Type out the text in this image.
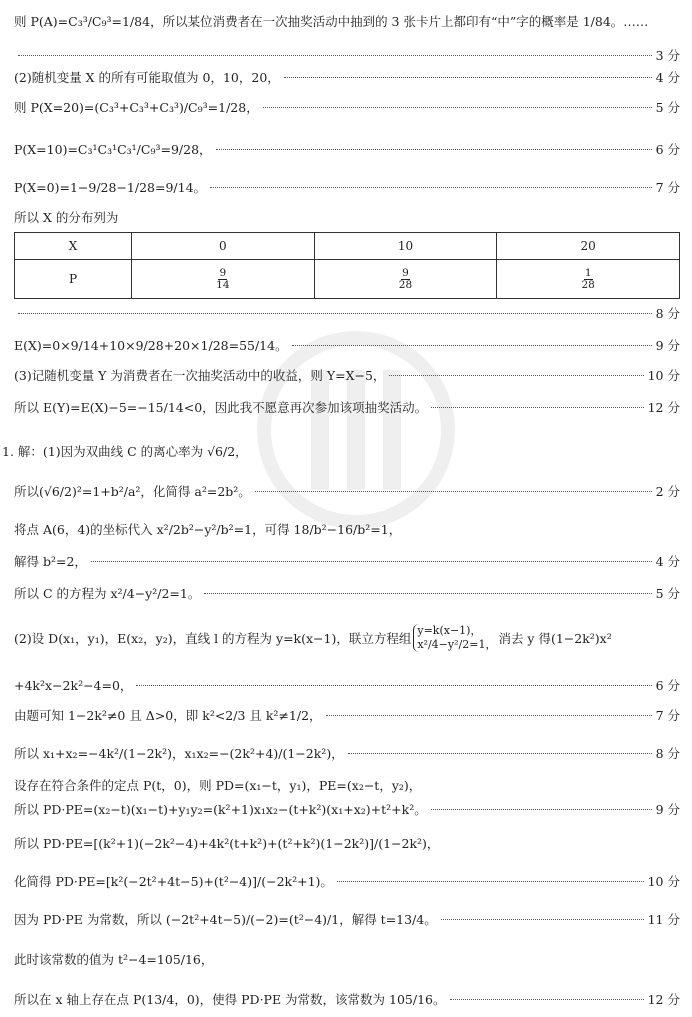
则 P(A)=C₃³/C₉³=1/84，所以某位消费者在一次抽奖活动中抽到的 3 张卡片上都印有“中”字的概率是 1/84。……
3 分
(2)随机变量 X 的所有可能取值为 0，10，20，	4 分
则 P(X=20)=(C₃³+C₃³+C₃³)/C₉³=1/28，	5 分
P(X=10)=C₃¹C₃¹C₃¹/C₉³=9/28，	6 分
P(X=0)=1−9/28−1/28=9/14。	7 分
所以 X 的分布列为
X	0	10	20
P	$\frac{9}{14}$	$\frac{9}{28}$	$\frac{1}{28}$
8 分
E(X)=0×9/14+10×9/28+20×1/28=55/14。	9 分
(3)记随机变量 Y 为消费者在一次抽奖活动中的收益，则 Y=X−5，	10 分
所以 E(Y)=E(X)−5=−15/14<0，因此我不愿意再次参加该项抽奖活动。	12 分
1. 解：(1)因为双曲线 C 的离心率为 √6/2，
所以(√6/2)²=1+b²/a²，化简得 a²=2b²。	2 分
将点 A(6，4)的坐标代入 x²/2b²−y²/b²=1，可得 18/b²−16/b²=1，
解得 b²=2，	4 分
所以 C 的方程为 x²/4−y²/2=1。	5 分
(2)设 D(x₁，y₁)，E(x₂，y₂)，直线 l 的方程为 y=k(x−1)，联立方程组
y=k(x−1)，
x²/4−y²/2=1， 消去 y 得(1−2k²)x²
+4k²x−2k²−4=0，	6 分
由题可知 1−2k²≠0 且 Δ>0，即 k²<2/3 且 k²≠1/2，	7 分
所以 x₁+x₂=−4k²/(1−2k²)，x₁x₂=−(2k²+4)/(1−2k²)，	8 分
设存在符合条件的定点 P(t，0)，则 PD=(x₁−t，y₁)，PE=(x₂−t，y₂)，
所以 PD·PE=(x₂−t)(x₁−t)+y₁y₂=(k²+1)x₁x₂−(t+k²)(x₁+x₂)+t²+k²。	9 分
所以 PD·PE=[(k²+1)(−2k²−4)+4k²(t+k²)+(t²+k²)(1−2k²)]/(1−2k²)，
化简得 PD·PE=[k²(−2t²+4t−5)+(t²−4)]/(−2k²+1)。	10 分
因为 PD·PE 为常数，所以 (−2t²+4t−5)/(−2)=(t²−4)/1，解得 t=13/4。	11 分
此时该常数的值为 t²−4=105/16，
所以在 x 轴上存在点 P(13/4，0)，使得 PD·PE 为常数，该常数为 105/16。	12 分
